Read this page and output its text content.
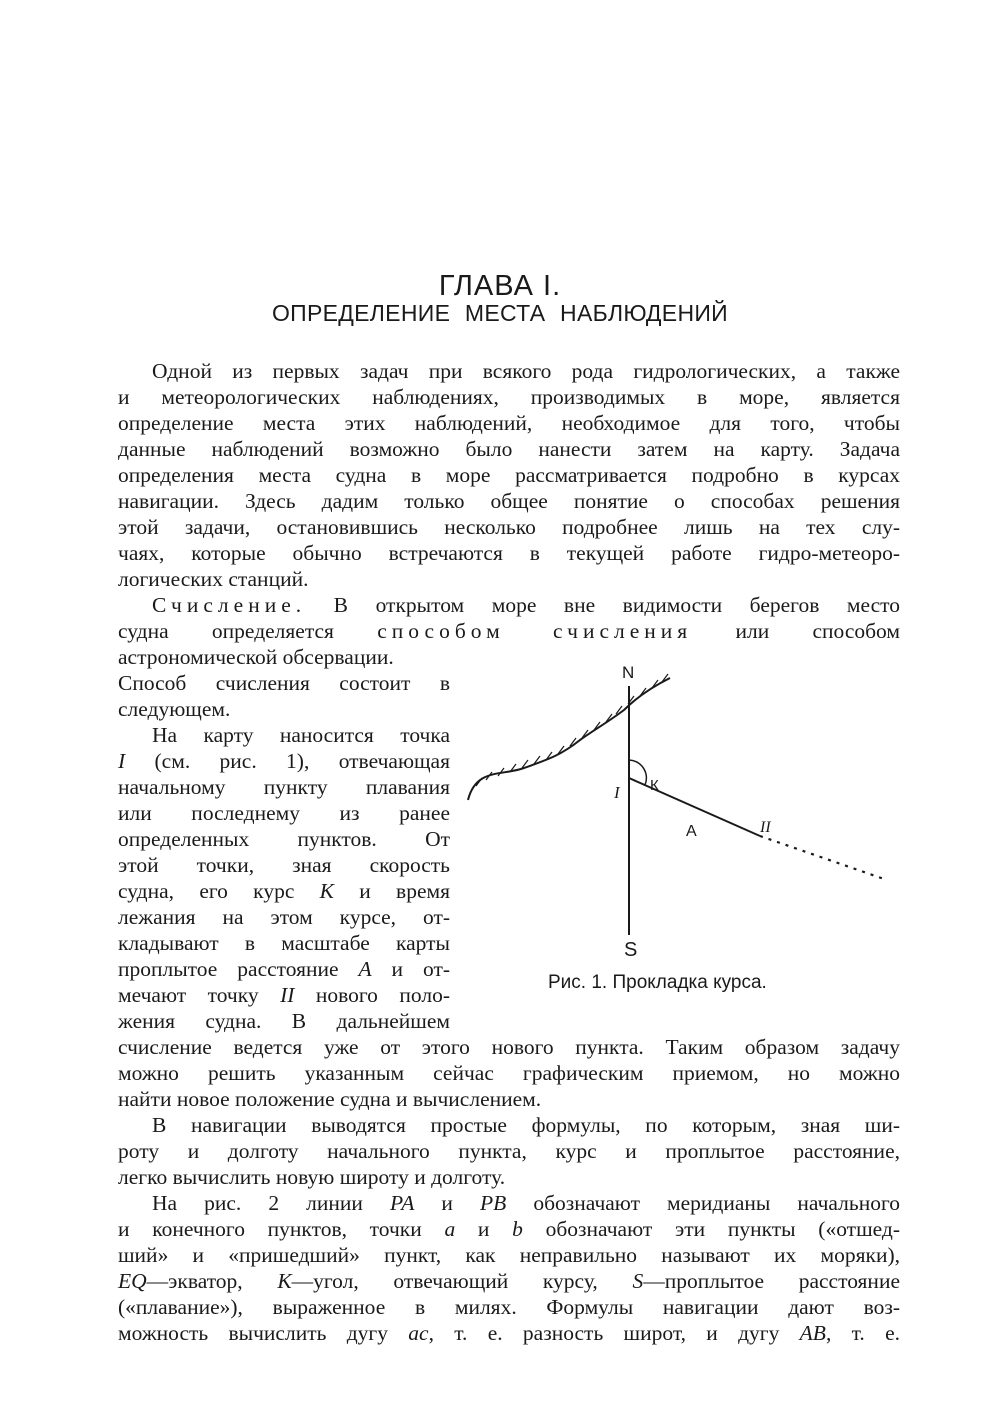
ГЛАВА I.
ОПРЕДЕЛЕНИЕ МЕСТА НАБЛЮДЕНИЙ
Одной из первых задач при всякого рода гидрологических, а также
и метеорологических наблюдениях, производимых в море, является
определение места этих наблюдений, необходимое для того, чтобы
данные наблюдений возможно было нанести затем на карту. Задача
определения места судна в море рассматривается подробно в курсах
навигации. Здесь дадим только общее понятие о способах решения
этой задачи, остановившись несколько подробнее лишь на тех слу-
чаях, которые обычно встречаются в текущей работе гидро-метеоро-
логических станций.
Счисление. В открытом море вне видимости берегов место
судна определяется способом счисления или способом
астрономической обсервации.
Способ счисления состоит в
следующем.
На карту наносится точка
I (см. рис. 1), отвечающая
начальному пункту плавания
или последнему из ранее
определенных пунктов. От
этой точки, зная скорость
судна, его курс К и время
лежания на этом курсе, от-
кладывают в масштабе карты
проплытое расстояние А и от-
мечают точку II нового поло-
жения судна. В дальнейшем
счисление ведется уже от этого нового пункта. Таким образом задачу
можно решить указанным сейчас графическим приемом, но можно
найти новое положение судна и вычислением.
В навигации выводятся простые формулы, по которым, зная ши-
роту и долготу начального пункта, курс и проплытое расстояние,
легко вычислить новую широту и долготу.
На рис. 2 линии РА и РВ обозначают меридианы начального
и конечного пунктов, точки а и b обозначают эти пункты («отшед-
ший» и «пришедший» пункт, как неправильно называют их моряки),
EQ—экватор, К—угол, отвечающий курсу, S—проплытое расстояние
(«плавание»), выраженное в милях. Формулы навигации дают воз-
можность вычислить дугу ас, т. е. разность широт, и дугу АВ, т. е.
N
S
I К
А	II
Рис. 1. Прокладка курса.
